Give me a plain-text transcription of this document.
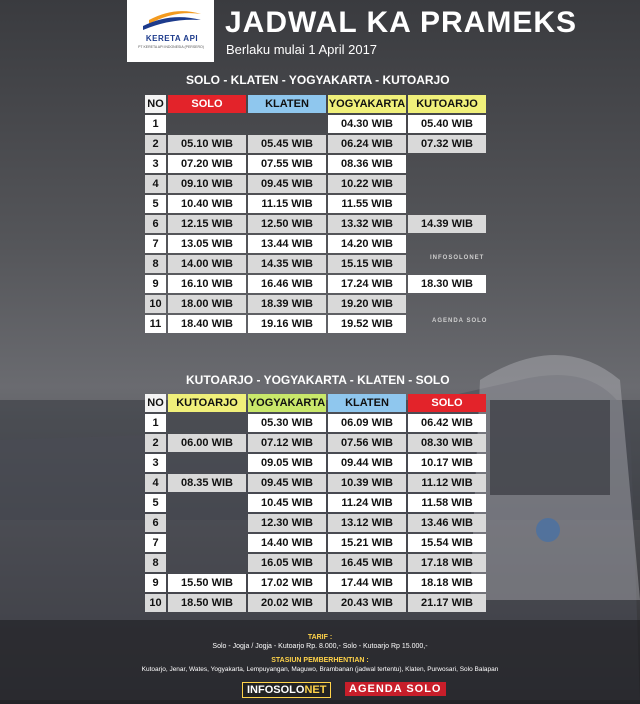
KERETA API
PT KERETA API INDONESIA (PERSERO)
JADWAL KA PRAMEKS
Berlaku mulai 1 April 2017
SOLO - KLATEN - YOGYAKARTA - KUTOARJO
NO	SOLO	KLATEN	YOGYAKARTA	KUTOARJO
1			04.30 WIB	05.40 WIB
2	05.10 WIB	05.45 WIB	06.24 WIB	07.32 WIB
3	07.20 WIB	07.55 WIB	08.36 WIB	
4	09.10 WIB	09.45 WIB	10.22 WIB	
5	10.40 WIB	11.15 WIB	11.55 WIB	
6	12.15 WIB	12.50 WIB	13.32 WIB	14.39 WIB
7	13.05 WIB	13.44 WIB	14.20 WIB	
8	14.00 WIB	14.35 WIB	15.15 WIB	
9	16.10 WIB	16.46 WIB	17.24 WIB	18.30 WIB
10	18.00 WIB	18.39 WIB	19.20 WIB	
11	18.40 WIB	19.16 WIB	19.52 WIB	
INFOSOLONET
AGENDA SOLO
KUTOARJO - YOGYAKARTA - KLATEN - SOLO
NO	KUTOARJO	YOGYAKARTA	KLATEN	SOLO
1		05.30 WIB	06.09 WIB	06.42 WIB
2	06.00 WIB	07.12 WIB	07.56 WIB	08.30 WIB
3		09.05 WIB	09.44 WIB	10.17 WIB
4	08.35 WIB	09.45 WIB	10.39 WIB	11.12 WIB
5		10.45 WIB	11.24 WIB	11.58 WIB
6		12.30 WIB	13.12 WIB	13.46 WIB
7		14.40 WIB	15.21 WIB	15.54 WIB
8		16.05 WIB	16.45 WIB	17.18 WIB
9	15.50 WIB	17.02 WIB	17.44 WIB	18.18 WIB
10	18.50 WIB	20.02 WIB	20.43 WIB	21.17 WIB
TARIF :
Solo - Jogja / Jogja - Kutoarjo Rp. 8.000,- Solo - Kutoarjo Rp 15.000,-
STASIUN PEMBERHENTIAN :
Kutoarjo, Jenar, Wates, Yogyakarta, Lempuyangan, Maguwo, Brambanan (jadwal tertentu), Klaten, Purwosari, Solo Balapan
INFOSOLONET	AGENDA SOLO
